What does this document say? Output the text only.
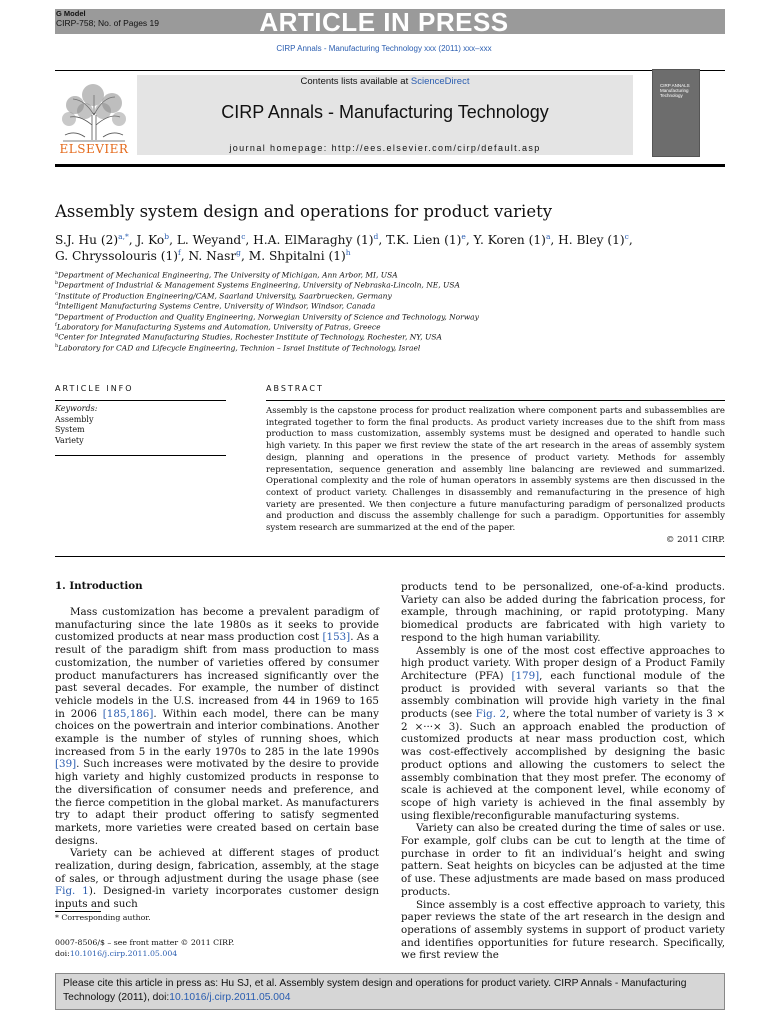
G Model
CIRP-758; No. of Pages 19	ARTICLE IN PRESS
CIRP Annals - Manufacturing Technology xxx (2011) xxx–xxx
Contents lists available at ScienceDirect
CIRP Annals - Manufacturing Technology
journal homepage: http://ees.elsevier.com/cirp/default.asp
ELSEVIER
CIRP ANNALS Manufacturing Technology
Assembly system design and operations for product variety
S.J. Hu $(2)^{a,*}$, J. Ko$^b$, L. Weyand$^c$, H.A. ElMaraghy $(1)^d$, T.K. Lien $(1)^e$, Y. Koren $(1)^a$, H. Bley $(1)^c$,
G. Chryssolouris $(1)^f$, N. Nasr$^g$, M. Shpitalni $(1)^h$
$^a$Department of Mechanical Engineering, The University of Michigan, Ann Arbor, MI, USA
$^b$Department of Industrial & Management Systems Engineering, University of Nebraska-Lincoln, NE, USA
$^c$Institute of Production Engineering/CAM, Saarland University, Saarbruecken, Germany
$^d$Intelligent Manufacturing Systems Centre, University of Windsor, Windsor, Canada
$^e$Department of Production and Quality Engineering, Norwegian University of Science and Technology, Norway
$^f$Laboratory for Manufacturing Systems and Automation, University of Patras, Greece
$^g$Center for Integrated Manufacturing Studies, Rochester Institute of Technology, Rochester, NY, USA
$^h$Laboratory for CAD and Lifecycle Engineering, Technion – Israel Institute of Technology, Israel
ARTICLE INFO	ABSTRACT
Keywords:
Assembly
System
Variety
Assembly is the capstone process for product realization where component parts and subassemblies are integrated together to form the final products. As product variety increases due to the shift from mass production to mass customization, assembly systems must be designed and operated to handle such high variety. In this paper we first review the state of the art research in the areas of assembly system design, planning and operations in the presence of product variety. Methods for assembly representation, sequence generation and assembly line balancing are reviewed and summarized. Operational complexity and the role of human operators in assembly systems are then discussed in the context of product variety. Challenges in disassembly and remanufacturing in the presence of high variety are presented. We then conjecture a future manufacturing paradigm of personalized products and production and discuss the assembly challenge for such a paradigm. Opportunities for assembly system research are summarized at the end of the paper.
© 2011 CIRP.
1. Introduction

Mass customization has become a prevalent paradigm of manufacturing since the late 1980s as it seeks to provide customized products at near mass production cost [153]. As a result of the paradigm shift from mass production to mass customization, the number of varieties offered by consumer product manufacturers has increased significantly over the past several decades. For example, the number of distinct vehicle models in the U.S. increased from 44 in 1969 to 165 in 2006 [185,186]. Within each model, there can be many choices on the powertrain and interior combinations. Another example is the number of styles of running shoes, which increased from 5 in the early 1970s to 285 in the late 1990s [39]. Such increases were motivated by the desire to provide high variety and highly customized products in response to the diversification of consumer needs and preference, and the fierce competition in the global market. As manufacturers try to adapt their product offering to satisfy segmented markets, more varieties were created based on certain base designs.

Variety can be achieved at different stages of product realization, during design, fabrication, assembly, at the stage of sales, or through adjustment during the usage phase (see Fig. 1). Designed-in variety incorporates customer design inputs and such

products tend to be personalized, one-of-a-kind products. Variety can also be added during the fabrication process, for example, through machining, or rapid prototyping. Many biomedical products are fabricated with high variety to respond to the high human variability.

Assembly is one of the most cost effective approaches to high product variety. With proper design of a Product Family Architecture (PFA) [179], each functional module of the product is provided with several variants so that the assembly combination will provide high variety in the final products (see Fig. 2, where the total number of variety is 3 × 2 ×···× 3). Such an approach enabled the production of customized products at near mass production cost, which was cost-effectively accomplished by designing the basic product options and allowing the customers to select the assembly combination that they most prefer. The economy of scale is achieved at the component level, while economy of scope of high variety is achieved in the final assembly by using flexible/reconfigurable manufacturing systems.

Variety can also be created during the time of sales or use. For example, golf clubs can be cut to length at the time of purchase in order to fit an individual’s height and swing pattern. Seat heights on bicycles can be adjusted at the time of use. These adjustments are made based on mass produced products.

Since assembly is a cost effective approach to variety, this paper reviews the state of the art research in the design and operations of assembly systems in support of product variety and identifies opportunities for future research. Specifically, we first review the

* Corresponding author.
0007-8506/$ – see front matter © 2011 CIRP.
doi:10.1016/j.cirp.2011.05.004
Please cite this article in press as: Hu SJ, et al. Assembly system design and operations for product variety. CIRP Annals - Manufacturing Technology (2011), doi:10.1016/j.cirp.2011.05.004
